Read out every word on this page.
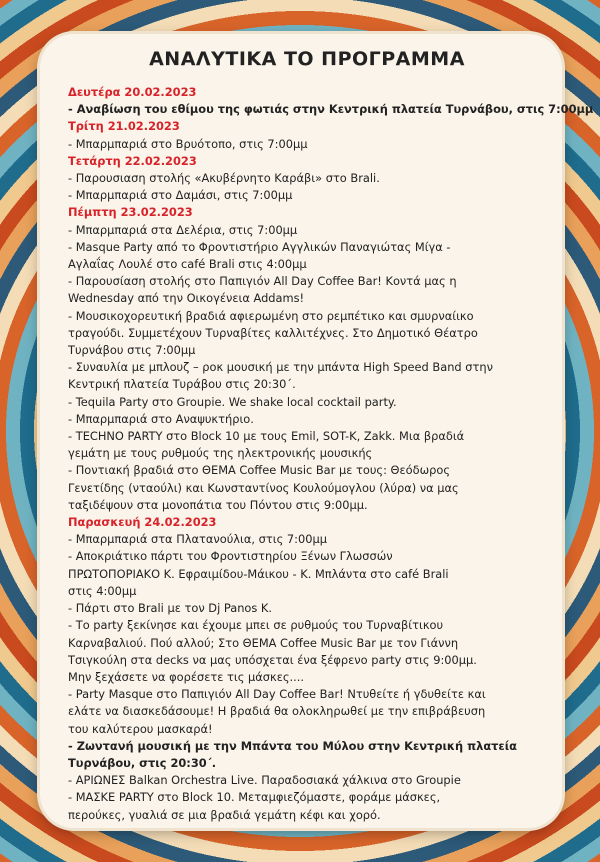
ΑΝΑΛΥΤΙΚΑ ΤΟ ΠΡΟΓΡΑΜΜΑ
Δευτέρα 20.02.2023
- Αναβίωση του εθίμου της φωτιάς στην Κεντρική πλατεία Τυρνάβου, στις 7:00μμ
Τρίτη 21.02.2023
- Μπαρμπαριά στο Βρυότοπο, στις 7:00μμ
Τετάρτη 22.02.2023
- Παρουσιαση στολής «Ακυβέρνητο Καράβι» στο Brali.
- Μπαρμπαριά στο Δαμάσι, στις 7:00μμ
Πέμπτη 23.02.2023
- Μπαρμπαριά στα Δελέρια, στις 7:00μμ
- Masque Party από το Φροντιστήριο Αγγλικών Παναγιώτας Μίγα -
Αγλαΐας Λουλέ στο café Brali στις 4:00μμ
- Παρουσίαση στολής στο Παπιγιόν All Day Coffee Bar! Κοντά μας η
Wednesday από την Οικογένεια Addams!
- Μουσικοχορευτική βραδιά αφιερωμένη στο ρεμπέτικο και σμυρναίικο
τραγούδι. Συμμετέχουν Τυρναβίτες καλλιτέχνες. Στο Δημοτικό Θέατρο
Τυρνάβου στις 7:00μμ
- Συναυλία με μπλουζ – ροκ μουσική με την μπάντα High Speed Band στην
Κεντρική πλατεία Τυράβου στις 20:30΄.
- Tequila Party στο Groupie. We shake local cocktail party.
- Μπαρμπαριά στο Αναψυκτήριο.
- TECHNO PARTY στο Block 10 με τους Emil, SOT-K, Zakk. Μια βραδιά
γεμάτη με τους ρυθμούς της ηλεκτρονικής μουσικής
- Ποντιακή βραδιά στο ΘΕΜΑ Coffee Music Bar με τους: Θεόδωρος
Γενετίδης (νταούλι) και Κωνσταντίνος Κουλούμογλου (λύρα) να μας
ταξιδέψουν στα μονοπάτια του Πόντου στις 9:00μμ.
Παρασκευή 24.02.2023
- Μπαρμπαριά στα Πλατανούλια, στις 7:00μμ
- Αποκριάτικο πάρτι του Φροντιστηρίου Ξένων Γλωσσών
ΠΡΩΤΟΠΟΡΙΑΚΟ Κ. Εφραιμίδου-Μάικου - Κ. Μπλάντα στο café Brali
στις 4:00μμ
- Πάρτι στο Brali με τον Dj Panos K.
- Το party ξεκίνησε και έχουμε μπει σε ρυθμούς του Τυρναβίτικου
Καρναβαλιού. Πού αλλού; Στο ΘΕΜΑ Coffee Music Bar με τον Γιάννη
Τσιγκούλη στα decks να μας υπόσχεται ένα ξέφρενο party στις 9:00μμ.
Μην ξεχάσετε να φορέσετε τις μάσκες....
- Party Masque στο Παπιγιόν All Day Coffee Bar! Ντυθείτε ή γδυθείτε και
ελάτε να διασκεδάσουμε! Η βραδιά θα ολοκληρωθεί με την επιβράβευση
του καλύτερου μασκαρά!
- Ζωντανή μουσική με την Μπάντα του Μύλου στην Κεντρική πλατεία
Τυρνάβου, στις 20:30΄.
- ΑΡΙΩΝΕΣ Balkan Orchestra Live. Παραδοσιακά χάλκινα στο Groupie
- ΜΑΣΚΕ PARTY στο Block 10. Μεταμφιεζόμαστε, φοράμε μάσκες,
περούκες, γυαλιά σε μια βραδιά γεμάτη κέφι και χορό.
